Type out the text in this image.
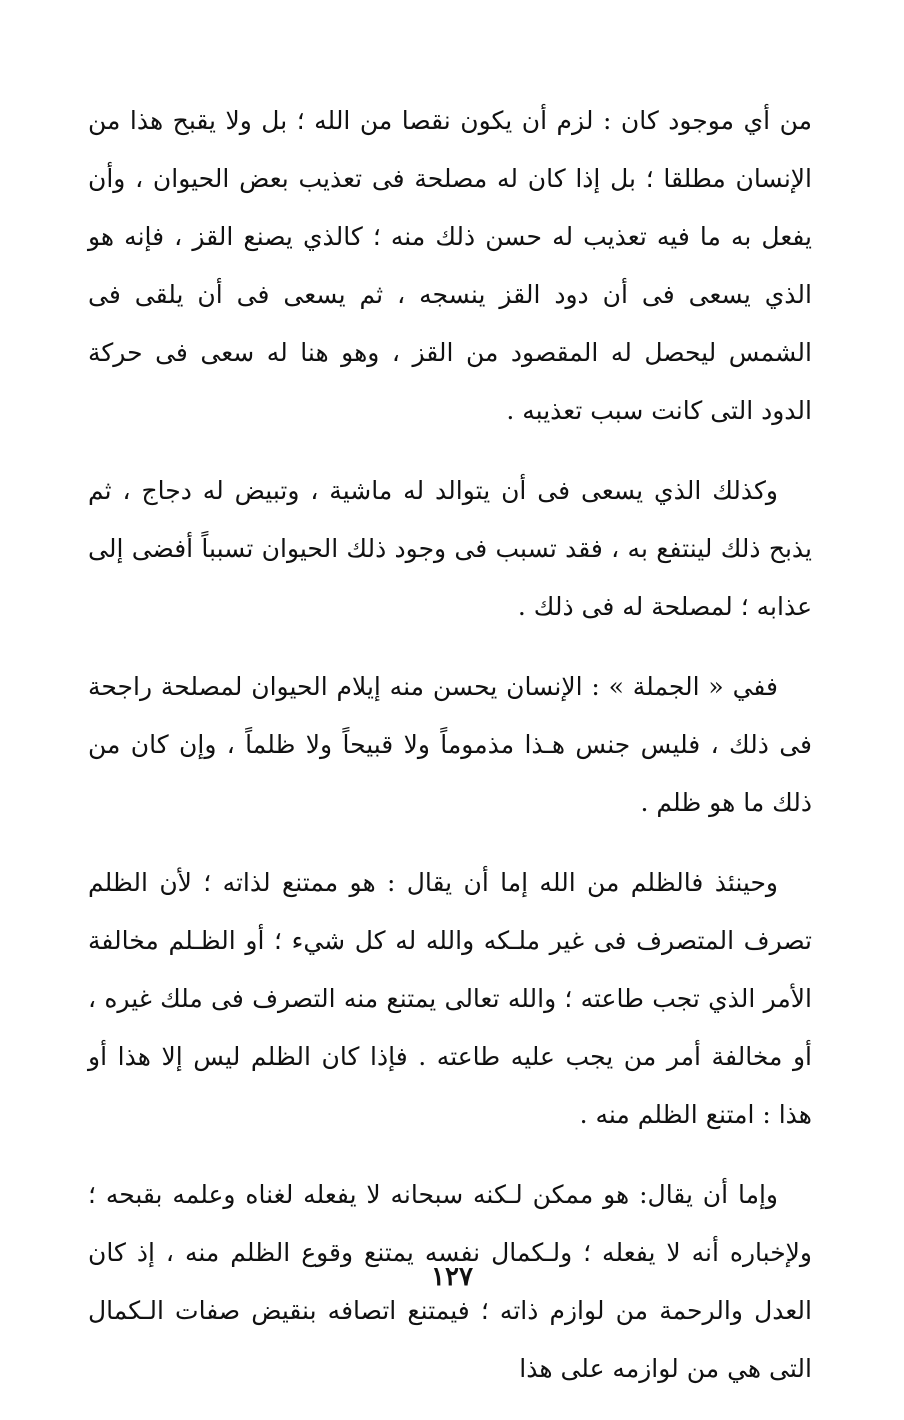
من أي موجود كان : لزم أن يكون نقصا من الله ؛ بل ولا يقبح هذا من الإنسان مطلقا ؛ بل إذا كان له مصلحة فى تعذيب بعض الحيوان ، وأن يفعل به ما فيه تعذيب له حسن ذلك منه ؛ كالذي يصنع القز ، فإنه هو الذي يسعى فى أن دود القز ينسجه ، ثم يسعى فى أن يلقى فى الشمس ليحصل له المقصود من القز ، وهو هنا له سعى فى حركة الدود التى كانت سبب تعذيبه .

وكذلك الذي يسعى فى أن يتوالد له ماشية ، وتبيض له دجاج ، ثم يذبح ذلك لينتفع به ، فقد تسبب فى وجود ذلك الحيوان تسبباً أفضى إلى عذابه ؛ لمصلحة له فى ذلك .

ففي « الجملة » : الإنسان يحسن منه إيلام الحيوان لمصلحة راجحة فى ذلك ، فليس جنس هـذا مذموماً ولا قبيحاً ولا ظلماً ، وإن كان من ذلك ما هو ظلم .

وحينئذ فالظلم من الله إما أن يقال : هو ممتنع لذاته ؛ لأن الظلم تصرف المتصرف فى غير ملـكه والله له كل شيء ؛ أو الظـلم مخالفة الأمر الذي تجب طاعته ؛ والله تعالى يمتنع منه التصرف فى ملك غيره ، أو مخالفة أمر من يجب عليه طاعته . فإذا كان الظلم ليس إلا هذا أو هذا : امتنع الظلم منه .

وإما أن يقال: هو ممكن لـكنه سبحانه لا يفعله لغناه وعلمه بقبحه ؛ ولإخباره أنه لا يفعله ؛ ولـكمال نفسه يمتنع وقوع الظلم منه ، إذ كان العدل والرحمة من لوازم ذاته ؛ فيمتنع اتصافه بنقيض صفات الـكمال التى هي من لوازمه على هذا

١٢٧
